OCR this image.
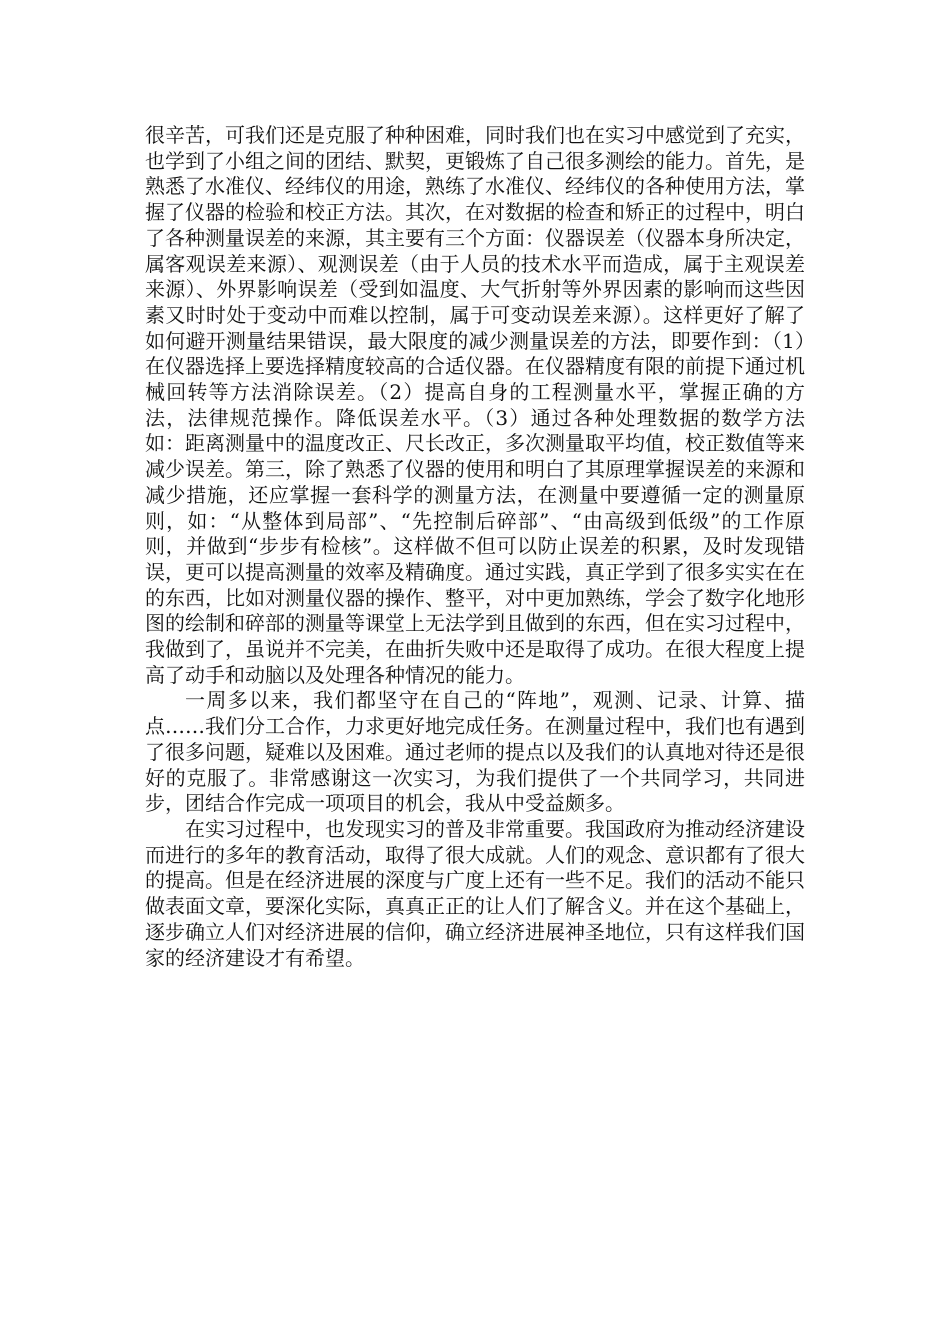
很辛苦，可我们还是克服了种种困难，同时我们也在实习中感觉到了充实，也学到了小组之间的团结、默契，更锻炼了自己很多测绘的能力。首先，是熟悉了水准仪、经纬仪的用途，熟练了水准仪、经纬仪的各种使用方法，掌握了仪器的检验和校正方法。其次，在对数据的检查和矫正的过程中，明白了各种测量误差的来源，其主要有三个方面：仪器误差（仪器本身所决定，属客观误差来源）、观测误差（由于人员的技术水平而造成，属于主观误差来源）、外界影响误差（受到如温度、大气折射等外界因素的影响而这些因素又时时处于变动中而难以控制，属于可变动误差来源）。这样更好了解了如何避开测量结果错误，最大限度的减少测量误差的方法，即要作到：（1）在仪器选择上要选择精度较高的合适仪器。在仪器精度有限的前提下通过机械回转等方法消除误差。（2）提高自身的工程测量水平，掌握正确的方法，法律规范操作。降低误差水平。（3）通过各种处理数据的数学方法如：距离测量中的温度改正、尺长改正，多次测量取平均值，校正数值等来减少误差。第三，除了熟悉了仪器的使用和明白了其原理掌握误差的来源和减少措施，还应掌握一套科学的测量方法，在测量中要遵循一定的测量原则，如：“从整体到局部”、“先控制后碎部”、“由高级到低级”的工作原则，并做到“步步有检核”。这样做不但可以防止误差的积累，及时发现错误，更可以提高测量的效率及精确度。通过实践，真正学到了很多实实在在的东西，比如对测量仪器的操作、整平，对中更加熟练，学会了数字化地形图的绘制和碎部的测量等课堂上无法学到且做到的东西，但在实习过程中，我做到了，虽说并不完美，在曲折失败中还是取得了成功。在很大程度上提高了动手和动脑以及处理各种情况的能力。

一周多以来，我们都坚守在自己的“阵地”，观测、记录、计算、描点……我们分工合作，力求更好地完成任务。在测量过程中，我们也有遇到了很多问题，疑难以及困难。通过老师的提点以及我们的认真地对待还是很好的克服了。非常感谢这一次实习，为我们提供了一个共同学习，共同进步，团结合作完成一项项目的机会，我从中受益颇多。

在实习过程中，也发现实习的普及非常重要。我国政府为推动经济建设而进行的多年的教育活动，取得了很大成就。人们的观念、意识都有了很大的提高。但是在经济进展的深度与广度上还有一些不足。我们的活动不能只做表面文章，要深化实际，真真正正的让人们了解含义。并在这个基础上，逐步确立人们对经济进展的信仰，确立经济进展神圣地位，只有这样我们国家的经济建设才有希望。
